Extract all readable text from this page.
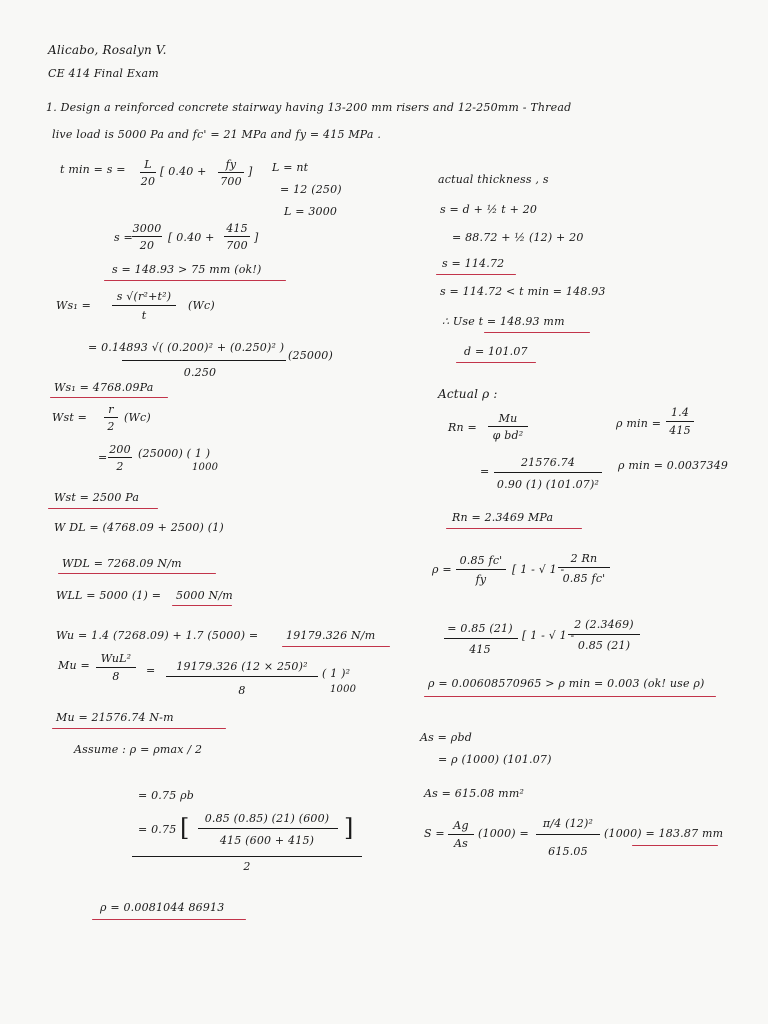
Alicabo, Rosalyn V.
CE 414 Final Exam
1. Design a reinforced concrete stairway having 13-200 mm risers and 12-250mm - Thread
live load is 5000 Pa and fc' = 21 MPa and fy = 415 MPa .
t min = s =	L
20
[ 0.40 +
fy
700
] L = nt
= 12 (250)
L = 3000
s =
3000
20
[ 0.40 +
415
700
]
s = 148.93 > 75 mm (ok!)
Ws₁ =
s √(r²+t²)
t
(Wc)
= 0.14893 √( (0.200)² + (0.250)² )
(25000)
0.250
Ws₁ = 4768.09Pa
Wst =
r
2
(Wc)
=
200
2
(25000) ( 1 )
1000
Wst = 2500 Pa
W DL = (4768.09 + 2500) (1)
WDL = 7268.09 N/m
WLL = 5000 (1) = 5000 N/m
Wu = 1.4 (7268.09) + 1.7 (5000) =	19179.326 N/m
Mu =
WuL²
8	=	19179.326 (12 × 250)²
8
( 1 )²
1000
Mu = 21576.74 N-m
Assume : ρ = ρmax / 2
= 0.75 ρb
= 0.75 [	0.85 (0.85) (21) (600)
415 (600 + 415)	]
2
ρ = 0.0081044 86913
actual thickness , s
s = d + ½ t + 20
= 88.72 + ½ (12) + 20
s = 114.72
s = 114.72 < t min = 148.93
∴ Use t = 148.93 mm
d = 101.07
Actual ρ :
Rn =
Mu
φ bd²
ρ min =
1.4
415
=
21576.74
0.90 (1) (101.07)²
ρ min = 0.0037349
Rn = 2.3469 MPa
ρ =
0.85 fc'
fy
[ 1 - √ 1 -
2 Rn
0.85 fc'
= 0.85 (21)
415
[ 1 - √ 1 -
2 (2.3469)
0.85 (21)
ρ = 0.00608570965 > ρ min = 0.003 (ok! use ρ)
As = ρbd
= ρ (1000) (101.07)
As = 615.08 mm²
S =
Ag
As
(1000) =
π/4 (12)²
615.05
(1000) = 183.87 mm
